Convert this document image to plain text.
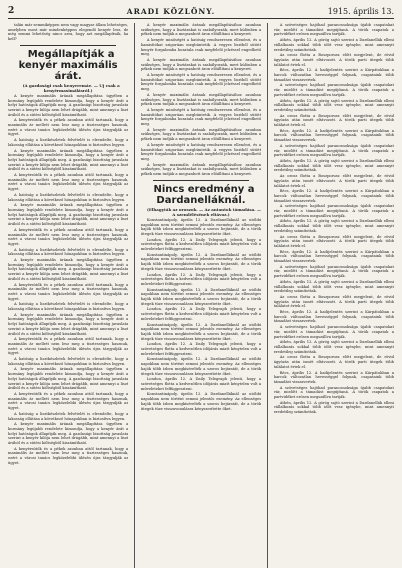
2	ARADI KÖZLÖNY.	1915. április 13.

talán már semmiképpen nem vagy magyar állam lehetséges, amelyben most már mindenképpen elegendő kenyér lesz, de még semmi lehetőség nincs arra, hogy azt megállapítsák, ha kell?

Megállapítják a kenyér maximális árát.

(A gazdasági csak kenyeremáe. — Uj csak a kenyérmaximálásról.)

A kenyér maximális árának megállapítása ügyében a kormány legújabb rendelete kimondja, hogy a kenyér árát a helyi hatóságok állapítják meg. A gazdasági bizottság javaslata szerint a kenyér kilója nem lehet drágább, mint amennyi a liszt árából és a sütési költségből kiszámítható.

A kenyérsütők és a pékek azonban attól tartanak, hogy a maximális ár mellett nem lesz meg a tisztességes hasznuk, ezért a városi tanács legközelebbi ülésén újra tárgyalják az ügyet.

A hatóság a lisztkészletek felvételét is elrendelte, hogy a lakosság ellátása a következő hónapokban is biztosítva legyen.

A kenyér maximális árának megállapítása ügyében a kormány legújabb rendelete kimondja, hogy a kenyér árát a helyi hatóságok állapítják meg. A gazdasági bizottság javaslata szerint a kenyér kilója nem lehet drágább, mint amennyi a liszt árából és a sütési költségből kiszámítható.

A kenyérsütők és a pékek azonban attól tartanak, hogy a maximális ár mellett nem lesz meg a tisztességes hasznuk, ezért a városi tanács legközelebbi ülésén újra tárgyalják az ügyet.

A hatóság a lisztkészletek felvételét is elrendelte, hogy a lakosság ellátása a következő hónapokban is biztosítva legyen.

A kenyér maximális árának megállapítása ügyében a kormány legújabb rendelete kimondja, hogy a kenyér árát a helyi hatóságok állapítják meg. A gazdasági bizottság javaslata szerint a kenyér kilója nem lehet drágább, mint amennyi a liszt árából és a sütési költségből kiszámítható.

A kenyérsütők és a pékek azonban attól tartanak, hogy a maximális ár mellett nem lesz meg a tisztességes hasznuk, ezért a városi tanács legközelebbi ülésén újra tárgyalják az ügyet.

A hatóság a lisztkészletek felvételét is elrendelte, hogy a lakosság ellátása a következő hónapokban is biztosítva legyen.

A kenyér maximális árának megállapítása ügyében a kormány legújabb rendelete kimondja, hogy a kenyér árát a helyi hatóságok állapítják meg. A gazdasági bizottság javaslata szerint a kenyér kilója nem lehet drágább, mint amennyi a liszt árából és a sütési költségből kiszámítható.

A kenyérsütők és a pékek azonban attól tartanak, hogy a maximális ár mellett nem lesz meg a tisztességes hasznuk, ezért a városi tanács legközelebbi ülésén újra tárgyalják az ügyet.

A hatóság a lisztkészletek felvételét is elrendelte, hogy a lakosság ellátása a következő hónapokban is biztosítva legyen.

A kenyér maximális árának megállapítása ügyében a kormány legújabb rendelete kimondja, hogy a kenyér árát a helyi hatóságok állapítják meg. A gazdasági bizottság javaslata szerint a kenyér kilója nem lehet drágább, mint amennyi a liszt árából és a sütési költségből kiszámítható.

A kenyérsütők és a pékek azonban attól tartanak, hogy a maximális ár mellett nem lesz meg a tisztességes hasznuk, ezért a városi tanács legközelebbi ülésén újra tárgyalják az ügyet.

A hatóság a lisztkészletek felvételét is elrendelte, hogy a lakosság ellátása a következő hónapokban is biztosítva legyen.

A kenyér maximális árának megállapítása ügyében a kormány legújabb rendelete kimondja, hogy a kenyér árát a helyi hatóságok állapítják meg. A gazdasági bizottság javaslata szerint a kenyér kilója nem lehet drágább, mint amennyi a liszt árából és a sütési költségből kiszámítható.

A kenyérsütők és a pékek azonban attól tartanak, hogy a maximális ár mellett nem lesz meg a tisztességes hasznuk, ezért a városi tanács legközelebbi ülésén újra tárgyalják az ügyet.

A hatóság a lisztkészletek felvételét is elrendelte, hogy a lakosság ellátása a következő hónapokban is biztosítva legyen.

A kenyér maximális árának megállapítása ügyében a kormány legújabb rendelete kimondja, hogy a kenyér árát a helyi hatóságok állapítják meg. A gazdasági bizottság javaslata szerint a kenyér kilója nem lehet drágább, mint amennyi a liszt árából és a sütési költségből kiszámítható.

A kenyérsütők és a pékek azonban attól tartanak, hogy a maximális ár mellett nem lesz meg a tisztességes hasznuk, ezért a városi tanács legközelebbi ülésén újra tárgyalják az ügyet.

A kenyér maximális árának megállapításához azonban szükséges, hogy a lisztárakat is szabályozzák, mert különben a pékek nem tudják a megszabott áron előállítani a kenyeret.

A kenyér minőségét a hatóság rendszeresen ellenőrzi, és a hamisítókat szigorúan megbüntetik. A vegyes lisztből sütött kenyér forgalomba hozatala csak megfelelő jelzéssel engedhető meg.

A kenyér maximális árának megállapításához azonban szükséges, hogy a lisztárakat is szabályozzák, mert különben a pékek nem tudják a megszabott áron előállítani a kenyeret.

A kenyér minőségét a hatóság rendszeresen ellenőrzi, és a hamisítókat szigorúan megbüntetik. A vegyes lisztből sütött kenyér forgalomba hozatala csak megfelelő jelzéssel engedhető meg.

A kenyér maximális árának megállapításához azonban szükséges, hogy a lisztárakat is szabályozzák, mert különben a pékek nem tudják a megszabott áron előállítani a kenyeret.

A kenyér minőségét a hatóság rendszeresen ellenőrzi, és a hamisítókat szigorúan megbüntetik. A vegyes lisztből sütött kenyér forgalomba hozatala csak megfelelő jelzéssel engedhető meg.

A kenyér maximális árának megállapításához azonban szükséges, hogy a lisztárakat is szabályozzák, mert különben a pékek nem tudják a megszabott áron előállítani a kenyeret.

A kenyér minőségét a hatóság rendszeresen ellenőrzi, és a hamisítókat szigorúan megbüntetik. A vegyes lisztből sütött kenyér forgalomba hozatala csak megfelelő jelzéssel engedhető meg.

A kenyér maximális árának megállapításához azonban szükséges, hogy a lisztárakat is szabályozzák, mert különben a pékek nem tudják a megszabott áron előállítani a kenyeret.

Nincs eredmény a Dardanelláknál.

(Elhagyták az oroszok. — Az antantok támadása. — A szemlélésének eltávoz.)

Konstantinápoly, április 12. A Dardanelláknál az utóbbi napokban nem történt semmi jelentős esemény. Az ellenséges hajók több ízben megkísérelték a szoros bejáratát, de a török ütegek tüze visszavonulásra kényszerítette őket.

London, április 12. A Daily Telegraph jelenti, hogy a szövetséges flotta a kedvezőtlen időjárás miatt kénytelen volt a műveleteket felfüggeszteni.

Konstantinápoly, április 12. A Dardanelláknál az utóbbi napokban nem történt semmi jelentős esemény. Az ellenséges hajók több ízben megkísérelték a szoros bejáratát, de a török ütegek tüze visszavonulásra kényszerítette őket.

London, április 12. A Daily Telegraph jelenti, hogy a szövetséges flotta a kedvezőtlen időjárás miatt kénytelen volt a műveleteket felfüggeszteni.

Konstantinápoly, április 12. A Dardanelláknál az utóbbi napokban nem történt semmi jelentős esemény. Az ellenséges hajók több ízben megkísérelték a szoros bejáratát, de a török ütegek tüze visszavonulásra kényszerítette őket.

London, április 12. A Daily Telegraph jelenti, hogy a szövetséges flotta a kedvezőtlen időjárás miatt kénytelen volt a műveleteket felfüggeszteni.

Konstantinápoly, április 12. A Dardanelláknál az utóbbi napokban nem történt semmi jelentős esemény. Az ellenséges hajók több ízben megkísérelték a szoros bejáratát, de a török ütegek tüze visszavonulásra kényszerítette őket.

London, április 12. A Daily Telegraph jelenti, hogy a szövetséges flotta a kedvezőtlen időjárás miatt kénytelen volt a műveleteket felfüggeszteni.

Konstantinápoly, április 12. A Dardanelláknál az utóbbi napokban nem történt semmi jelentős esemény. Az ellenséges hajók több ízben megkísérelték a szoros bejáratát, de a török ütegek tüze visszavonulásra kényszerítette őket.

London, április 12. A Daily Telegraph jelenti, hogy a szövetséges flotta a kedvezőtlen időjárás miatt kénytelen volt a műveleteket felfüggeszteni.

Konstantinápoly, április 12. A Dardanelláknál az utóbbi napokban nem történt semmi jelentős esemény. Az ellenséges hajók több ízben megkísérelték a szoros bejáratát, de a török ütegek tüze visszavonulásra kényszerítette őket.

A szövetséges hajóhad parancsnoksága újabb csapatokat vár, mielőtt a támadást megújítaná. A török csapatok a partvidéket erősen megszállva tartják.

Athén, április 12. A görög sajtó szerint a Dardanellák elleni vállalkozás sokkal több időt vesz igénybe, mint amennyit eredetileg számítottak.

Az orosz flotta a Boszporusz előtt megjelent, de rövid ágyúzás után ismét eltávozott. A török parti ütegek több találatot értek el.

Bécs, április 12. A hadijelentés szerint a Kárpátokban a harcok változatlan hevességgel folynak, csapataink több támadást visszavertek.

A szövetséges hajóhad parancsnoksága újabb csapatokat vár, mielőtt a támadást megújítaná. A török csapatok a partvidéket erősen megszállva tartják.

Athén, április 12. A görög sajtó szerint a Dardanellák elleni vállalkozás sokkal több időt vesz igénybe, mint amennyit eredetileg számítottak.

Az orosz flotta a Boszporusz előtt megjelent, de rövid ágyúzás után ismét eltávozott. A török parti ütegek több találatot értek el.

Bécs, április 12. A hadijelentés szerint a Kárpátokban a harcok változatlan hevességgel folynak, csapataink több támadást visszavertek.

A szövetséges hajóhad parancsnoksága újabb csapatokat vár, mielőtt a támadást megújítaná. A török csapatok a partvidéket erősen megszállva tartják.

Athén, április 12. A görög sajtó szerint a Dardanellák elleni vállalkozás sokkal több időt vesz igénybe, mint amennyit eredetileg számítottak.

Az orosz flotta a Boszporusz előtt megjelent, de rövid ágyúzás után ismét eltávozott. A török parti ütegek több találatot értek el.

Bécs, április 12. A hadijelentés szerint a Kárpátokban a harcok változatlan hevességgel folynak, csapataink több támadást visszavertek.

A szövetséges hajóhad parancsnoksága újabb csapatokat vár, mielőtt a támadást megújítaná. A török csapatok a partvidéket erősen megszállva tartják.

Athén, április 12. A görög sajtó szerint a Dardanellák elleni vállalkozás sokkal több időt vesz igénybe, mint amennyit eredetileg számítottak.

Az orosz flotta a Boszporusz előtt megjelent, de rövid ágyúzás után ismét eltávozott. A török parti ütegek több találatot értek el.

Bécs, április 12. A hadijelentés szerint a Kárpátokban a harcok változatlan hevességgel folynak, csapataink több támadást visszavertek.

A szövetséges hajóhad parancsnoksága újabb csapatokat vár, mielőtt a támadást megújítaná. A török csapatok a partvidéket erősen megszállva tartják.

Athén, április 12. A görög sajtó szerint a Dardanellák elleni vállalkozás sokkal több időt vesz igénybe, mint amennyit eredetileg számítottak.

Az orosz flotta a Boszporusz előtt megjelent, de rövid ágyúzás után ismét eltávozott. A török parti ütegek több találatot értek el.

Bécs, április 12. A hadijelentés szerint a Kárpátokban a harcok változatlan hevességgel folynak, csapataink több támadást visszavertek.

A szövetséges hajóhad parancsnoksága újabb csapatokat vár, mielőtt a támadást megújítaná. A török csapatok a partvidéket erősen megszállva tartják.

Athén, április 12. A görög sajtó szerint a Dardanellák elleni vállalkozás sokkal több időt vesz igénybe, mint amennyit eredetileg számítottak.

Az orosz flotta a Boszporusz előtt megjelent, de rövid ágyúzás után ismét eltávozott. A török parti ütegek több találatot értek el.

Bécs, április 12. A hadijelentés szerint a Kárpátokban a harcok változatlan hevességgel folynak, csapataink több támadást visszavertek.

A szövetséges hajóhad parancsnoksága újabb csapatokat vár, mielőtt a támadást megújítaná. A török csapatok a partvidéket erősen megszállva tartják.

Athén, április 12. A görög sajtó szerint a Dardanellák elleni vállalkozás sokkal több időt vesz igénybe, mint amennyit eredetileg számítottak.
